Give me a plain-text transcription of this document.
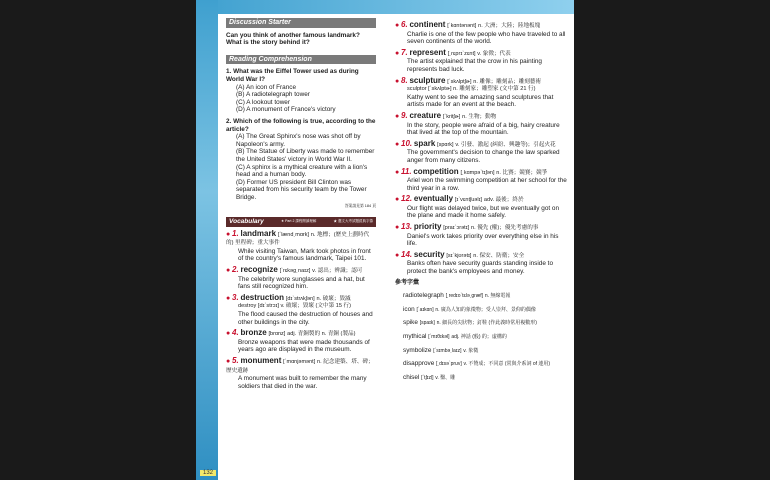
Discussion Starter
Can you think of another famous landmark? What is the story behind it?
Reading Comprehension
1. What was the Eiffel Tower used as during World War I?
(A) An icon of France
(B) A radiotelegraph tower
(C) A lookout tower
(D) A monument of France's victory
2. Which of the following is true, according to the article?
(A) The Great Sphinx's nose was shot off by Napoleon's army.
(B) The Statue of Liberty was made to remember the United States' victory in World War II.
(C) A sphinx is a mythical creature with a lion's head and a human body.
(D) Former US president Bill Clinton was separated from his security team by the Tower Bridge.
答案請見第 184 頁
Vocabulary	★ Part 2 課程閱讀理解	★ 選文大考試題經典字彙
● 1. landmark [ˋlænd͵mɑrk] n. 地標；(歷史上劃時代的) 里程碑；重大事件
While visiting Taiwan, Mark took photos in front of the country's famous landmark, Taipei 101.
● 2. recognize [ˋrɛkəg͵naɪz] v. 認出；辨識；認可
The celebrity wore sunglasses and a hat, but fans still recognized him.
● 3. destruction [dɪˋstrʌkʃən] n. 破壞；毀滅
destroy [dɪˋstrɔɪ] v. 破壞；毀壞 (文中第 15 行)
The flood caused the destruction of houses and other buildings in the city.
● 4. bronze [brɑnz] adj. 青銅製的 n. 青銅 (製品)
Bronze weapons that were made thousands of years ago are displayed in the museum.
● 5. monument [ˋmɑnjəmənt] n. 紀念建築、塔、碑；歷史遺跡
A monument was built to remember the many soldiers that died in the war.
● 6. continent [ˋkɑntənənt] n. 大洲；大陸；陸地板塊
Charlie is one of the few people who have traveled to all seven continents of the world.
● 7. represent [͵rɛprɪˋzɛnt] v. 象徵；代表
The artist explained that the crow in his painting represents bad luck.
● 8. sculpture [ˋskʌlptʃɚ] n. 雕像；雕刻品；雕刻藝術
sculptor [ˋskʌlptɚ] n. 雕刻家；雕塑家 (文中第 21 行)
Kathy went to see the amazing sand sculptures that artists made for an event at the beach.
● 9. creature [ˋkritʃɚ] n. 生物；動物
In the story, people were afraid of a big, hairy creature that lived at the top of the mountain.
● 10. spark [spɑrk] v. 引發、激起 (糾紛、興趣等)；引起火花
The government's decision to change the law sparked anger from many citizens.
● 11. competition [͵kɑmpəˋtɪʃən] n. 比賽；競賽；競爭
Ariel won the swimming competition at her school for the third year in a row.
● 12. eventually [ɪˋvɛntʃuəlɪ] adv. 最後；終於
Our flight was delayed twice, but we eventually got on the plane and made it home safely.
● 13. priority [praɪˋɔrətɪ] n. 優先 (權)；優先考慮的事
Daniel's work takes priority over everything else in his life.
● 14. security [sɪˋkjʊrətɪ] n. 保安、防衛；安全
Banks often have security guards standing inside to protect the bank's employees and money.
參考字彙
radiotelegraph [͵redɪoˋtɛlə͵græf] n. 無線電報
icon [ˋaɪkɑn] n. 廣為人知的象徵物；受人崇拜、景仰的偶像
spike [spaɪk] n. 細長的尖狀物；釘鞋 (作此義時常用複數形)
mythical [ˋmɪθɪkəl] adj. 神話 (般) 的；虛構的
symbolize [ˋsɪmbə͵laɪz] v. 象徵
disapprove [͵dɪsəˋpruv] v. 不贊成；不同意 (常與介系詞 of 連用)
chisel [ˋtʃɪzḷ] v. 鑿、雕
132
